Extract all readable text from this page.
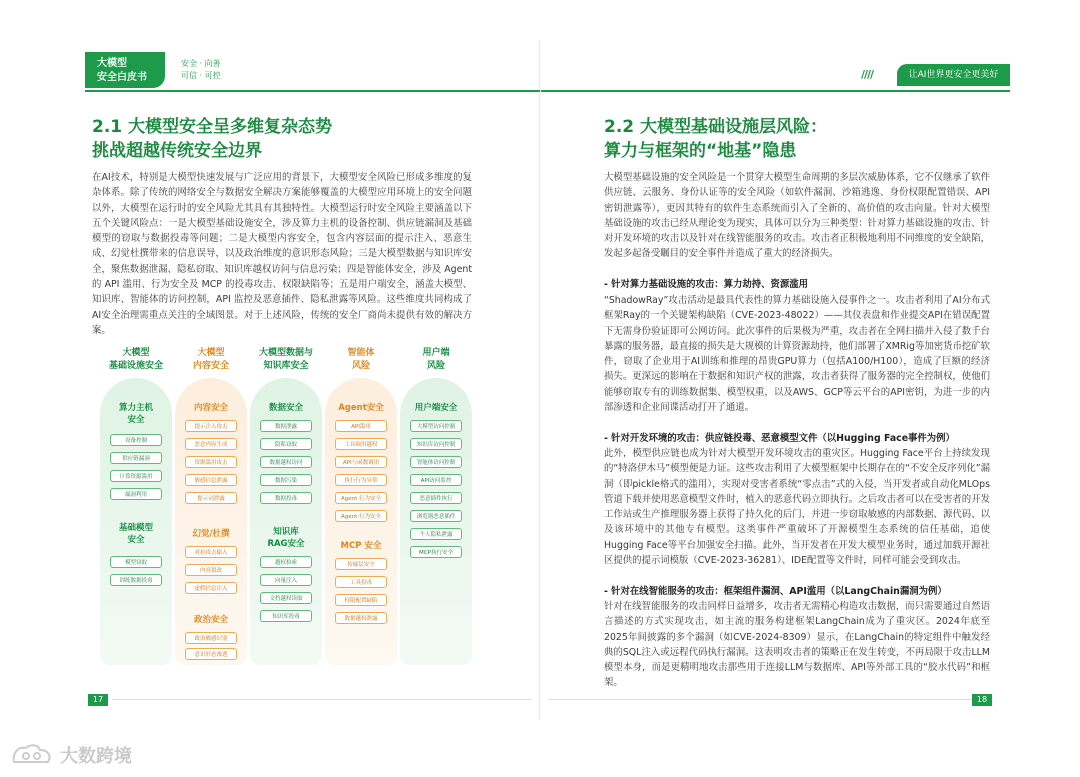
大模型
安全白皮书
安全 · 向善
可信 · 可控	////	让AI世界更安全更美好
2.1 大模型安全呈多维复杂态势
挑战超越传统安全边界
在AI技术，特别是大模型快速发展与广泛应用的背景下，大模型安全风险已形成多维度的复杂体系。除了传统的网络安全与数据安全解决方案能够覆盖的大模型应用环境上的安全问题以外，大模型在运行时的安全风险尤其具有其独特性。大模型运行时安全风险主要涵盖以下五个关键风险点：一是大模型基础设施安全，涉及算力主机的设备控制、供应链漏洞及基础模型的窃取与数据投毒等问题；二是大模型内容安全，包含内容层面的提示注入、恶意生成、幻觉杜撰带来的信息误导，以及政治维度的意识形态风险；三是大模型数据与知识库安全，聚焦数据泄漏、隐私窃取、知识库越权访问与信息污染；四是智能体安全，涉及 Agent 的 API 滥用、行为安全及 MCP 的投毒攻击、权限缺陷等；五是用户端安全，涵盖大模型、知识库、智能体的访问控制，API 监控及恶意插件、隐私泄露等风险。这些维度共同构成了AI安全治理需重点关注的全域图景。对于上述风险，传统的安全厂商尚未提供有效的解决方案。
大模型
基础设施安全
算力主机
安全
设备控制
供应链漏洞
计算资源滥用
漏洞利用
基础模型
安全
模型窃取
训练数据投毒
大模型
内容安全
内容安全
提示注入攻击
恶意内容生成
资源滥用攻击
敏感信息泄露
提示词泄露
幻觉/杜撰
对抗攻击输入
内容篡改
虚假信息注入
政治安全
政治敏感识别
意识形态渗透
大模型数据与
知识库安全
数据安全
数据泄露
隐私窃取
数据越权访问
数据污染
数据投毒
知识库
RAG安全
越权检索
向量注入
文档越权读取
知识库投毒
智能体
风险
Agent安全
API滥用
工具调用越权
API与函数调用
执行行为异常
Agent 行为安全
Agent 行为安全
MCP 安全
传输层安全
工具投毒
权限配置缺陷
数据越权泄露
用户端
风险
用户端安全
大模型访问控制
知识库访问控制
智能体访问控制
API访问监控
恶意插件执行
浏览器恶意插件
个人隐私泄露
MCP执行安全
17
2.2 大模型基础设施层风险：
算力与框架的“地基”隐患
大模型基础设施的安全风险是一个贯穿大模型生命周期的多层次威胁体系，它不仅继承了软件供应链、云服务、身份认证等的安全风险（如软件漏洞、沙箱逃逸、身份权限配置错误、API密钥泄露等），更因其特有的软件生态系统而引入了全新的、高价值的攻击向量。针对大模型基础设施的攻击已经从理论变为现实，具体可以分为三种类型：针对算力基础设施的攻击、针对开发环境的攻击以及针对在线智能服务的攻击。攻击者正积极地利用不同维度的安全缺陷，发起多起备受瞩目的安全事件并造成了重大的经济损失。
- 针对算力基础设施的攻击：算力劫持、资源滥用
“ShadowRay”攻击活动是最具代表性的算力基础设施入侵事件之一。攻击者利用了AI分布式框架Ray的一个关键架构缺陷（CVE-2023-48022）——其仪表盘和作业提交API在错误配置下无需身份验证即可公网访问。此次事件的后果极为严重，攻击者在全网扫描并入侵了数千台暴露的服务器，最直接的损失是大规模的计算资源劫持，他们部署了XMRig等加密货币挖矿软件，窃取了企业用于AI训练和推理的昂贵GPU算力（包括A100/H100），造成了巨额的经济损失。更深远的影响在于数据和知识产权的泄露，攻击者获得了服务器的完全控制权，使他们能够窃取专有的训练数据集、模型权重，以及AWS、GCP等云平台的API密钥，为进一步的内部渗透和企业间谍活动打开了通道。
- 针对开发环境的攻击：供应链投毒、恶意模型文件（以Hugging Face事件为例）
此外，模型供应链也成为针对大模型开发环境攻击的重灾区。Hugging Face平台上持续发现的“特洛伊木马”模型便是力证。这些攻击利用了大模型框架中长期存在的“不安全反序列化”漏洞（即pickle格式的滥用），实现对受害者系统“零点击”式的入侵，当开发者或自动化MLOps管道下载并使用恶意模型文件时，植入的恶意代码立即执行。之后攻击者可以在受害者的开发工作站或生产推理服务器上获得了持久化的后门，并进一步窃取敏感的内部数据、源代码、以及该环境中的其他专有模型。这类事件严重破坏了开源模型生态系统的信任基础，追使Hugging Face等平台加强安全扫描。此外，当开发者在开发大模型业务时，通过加载开源社区提供的提示词模版（CVE-2023-36281）、IDE配置等文件时，同样可能会受到攻击。
- 针对在线智能服务的攻击：框架组件漏洞、API滥用（以LangChain漏洞为例）
针对在线智能服务的攻击同样日益增多，攻击者无需精心构造攻击数据，而只需要通过自然语言描述的方式实现攻击，如主流的服务构建框架LangChain成为了重灾区。2024年底至2025年间披露的多个漏洞（如CVE-2024-8309）显示，在LangChain的特定组件中触发经典的SQL注入或远程代码执行漏洞。这表明攻击者的策略正在发生转变，不再局限于攻击LLM模型本身，而是更精明地攻击那些用于连接LLM与数据库、API等外部工具的“胶水代码”和框架。
18
大数跨境
